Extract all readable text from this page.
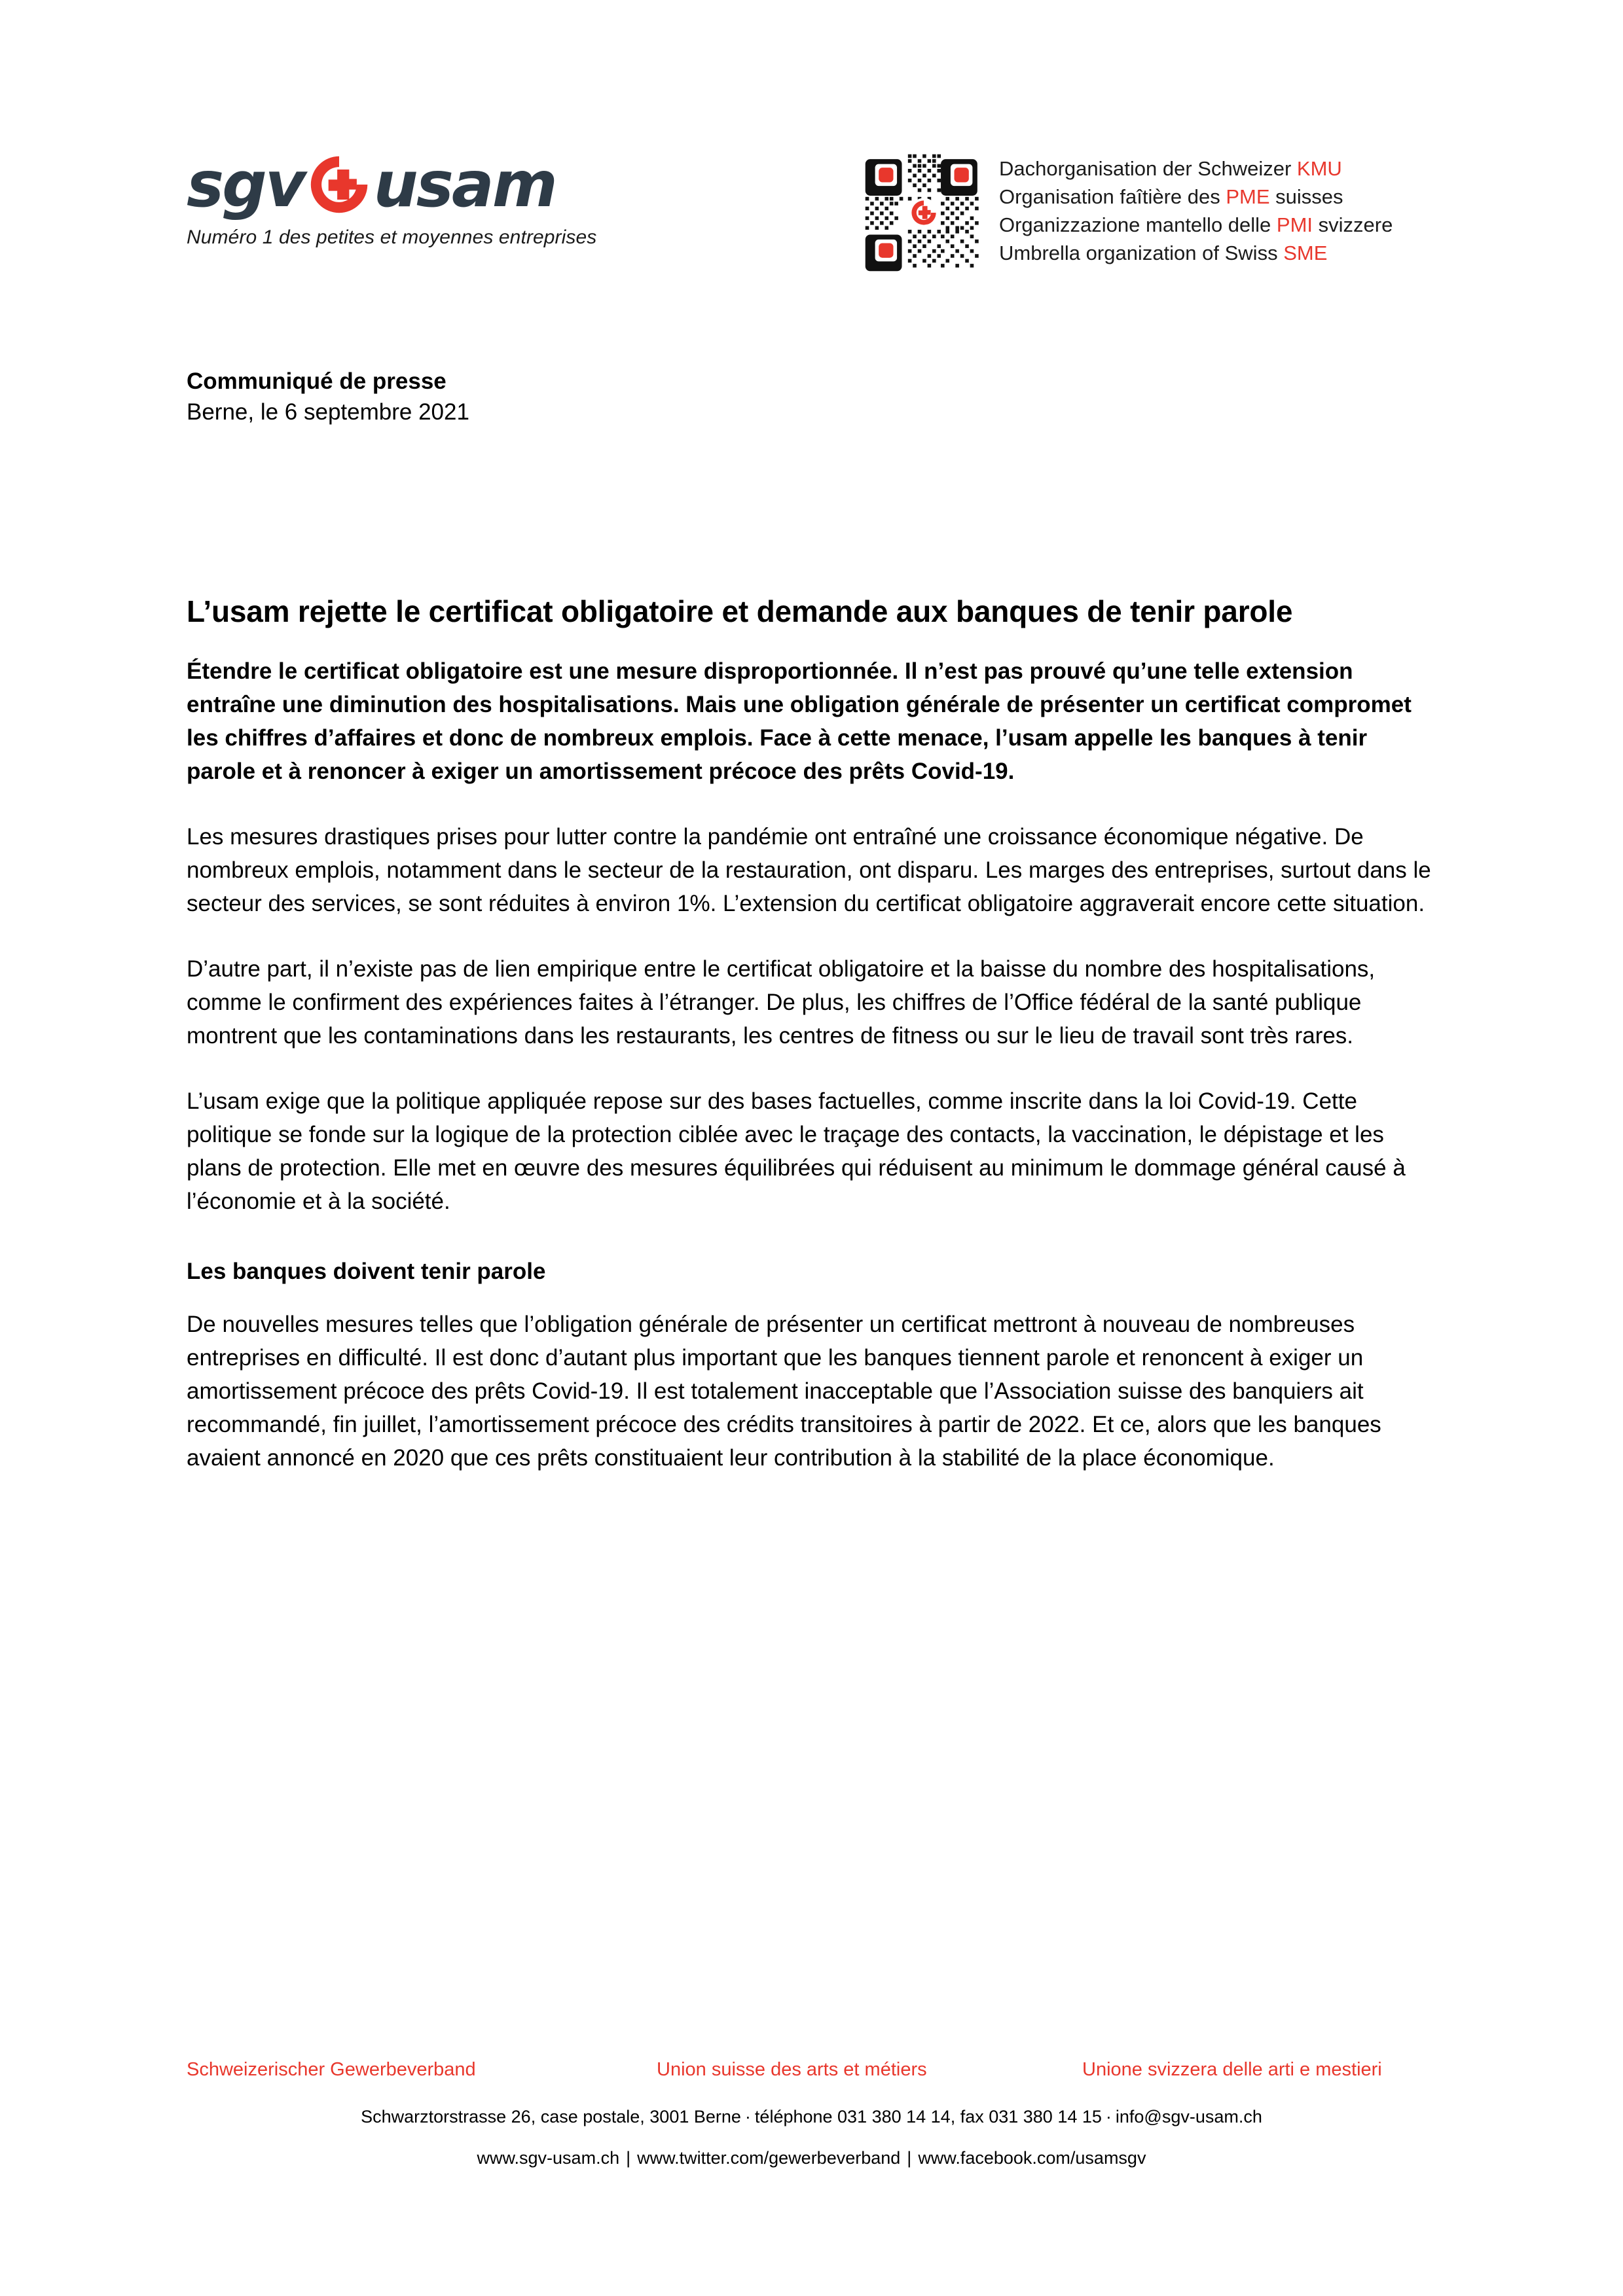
sgv usam
Numéro 1 des petites et moyennes entreprises
Dachorganisation der Schweizer KMU
Organisation faîtière des PME suisses
Organizzazione mantello delle PMI svizzere
Umbrella organization of Swiss SME
Communiqué de presse
Berne, le 6 septembre 2021
L’usam rejette le certificat obligatoire et demande aux banques de tenir parole

Étendre le certificat obligatoire est une mesure disproportionnée. Il n’est pas prouvé qu’une telle extension entraîne une diminution des hospitalisations. Mais une obligation générale de présenter un certificat compromet les chiffres d’affaires et donc de nombreux emplois. Face à cette menace, l’usam appelle les banques à tenir parole et à renoncer à exiger un amortissement précoce des prêts Covid-19.

Les mesures drastiques prises pour lutter contre la pandémie ont entraîné une croissance économique négative. De nombreux emplois, notamment dans le secteur de la restauration, ont disparu. Les marges des entreprises, surtout dans le secteur des services, se sont réduites à environ 1%. L’extension du certificat obligatoire aggraverait encore cette situation.

D’autre part, il n’existe pas de lien empirique entre le certificat obligatoire et la baisse du nombre des hospitalisations, comme le confirment des expériences faites à l’étranger. De plus, les chiffres de l’Office fédéral de la santé publique montrent que les contaminations dans les restaurants, les centres de fitness ou sur le lieu de travail sont très rares.

L’usam exige que la politique appliquée repose sur des bases factuelles, comme inscrite dans la loi Covid-19. Cette politique se fonde sur la logique de la protection ciblée avec le traçage des contacts, la vaccination, le dépistage et les plans de protection. Elle met en œuvre des mesures équilibrées qui réduisent au minimum le dommage général causé à l’économie et à la société.

Les banques doivent tenir parole

De nouvelles mesures telles que l’obligation générale de présenter un certificat mettront à nouveau de nombreuses entreprises en difficulté. Il est donc d’autant plus important que les banques tiennent parole et renoncent à exiger un amortissement précoce des prêts Covid-19. Il est totalement inacceptable que l’Association suisse des banquiers ait recommandé, fin juillet, l’amortissement précoce des crédits transitoires à partir de 2022. Et ce, alors que les banques avaient annoncé en 2020 que ces prêts constituaient leur contribution à la stabilité de la place économique.

Schweizerischer Gewerbeverband	Union suisse des arts et métiers	Unione svizzera delle arti e mestieri
Schwarztorstrasse 26, case postale, 3001 Berne · téléphone 031 380 14 14, fax 031 380 14 15 · info@sgv-usam.ch
www.sgv-usam.ch | www.twitter.com/gewerbeverband | www.facebook.com/usamsgv
